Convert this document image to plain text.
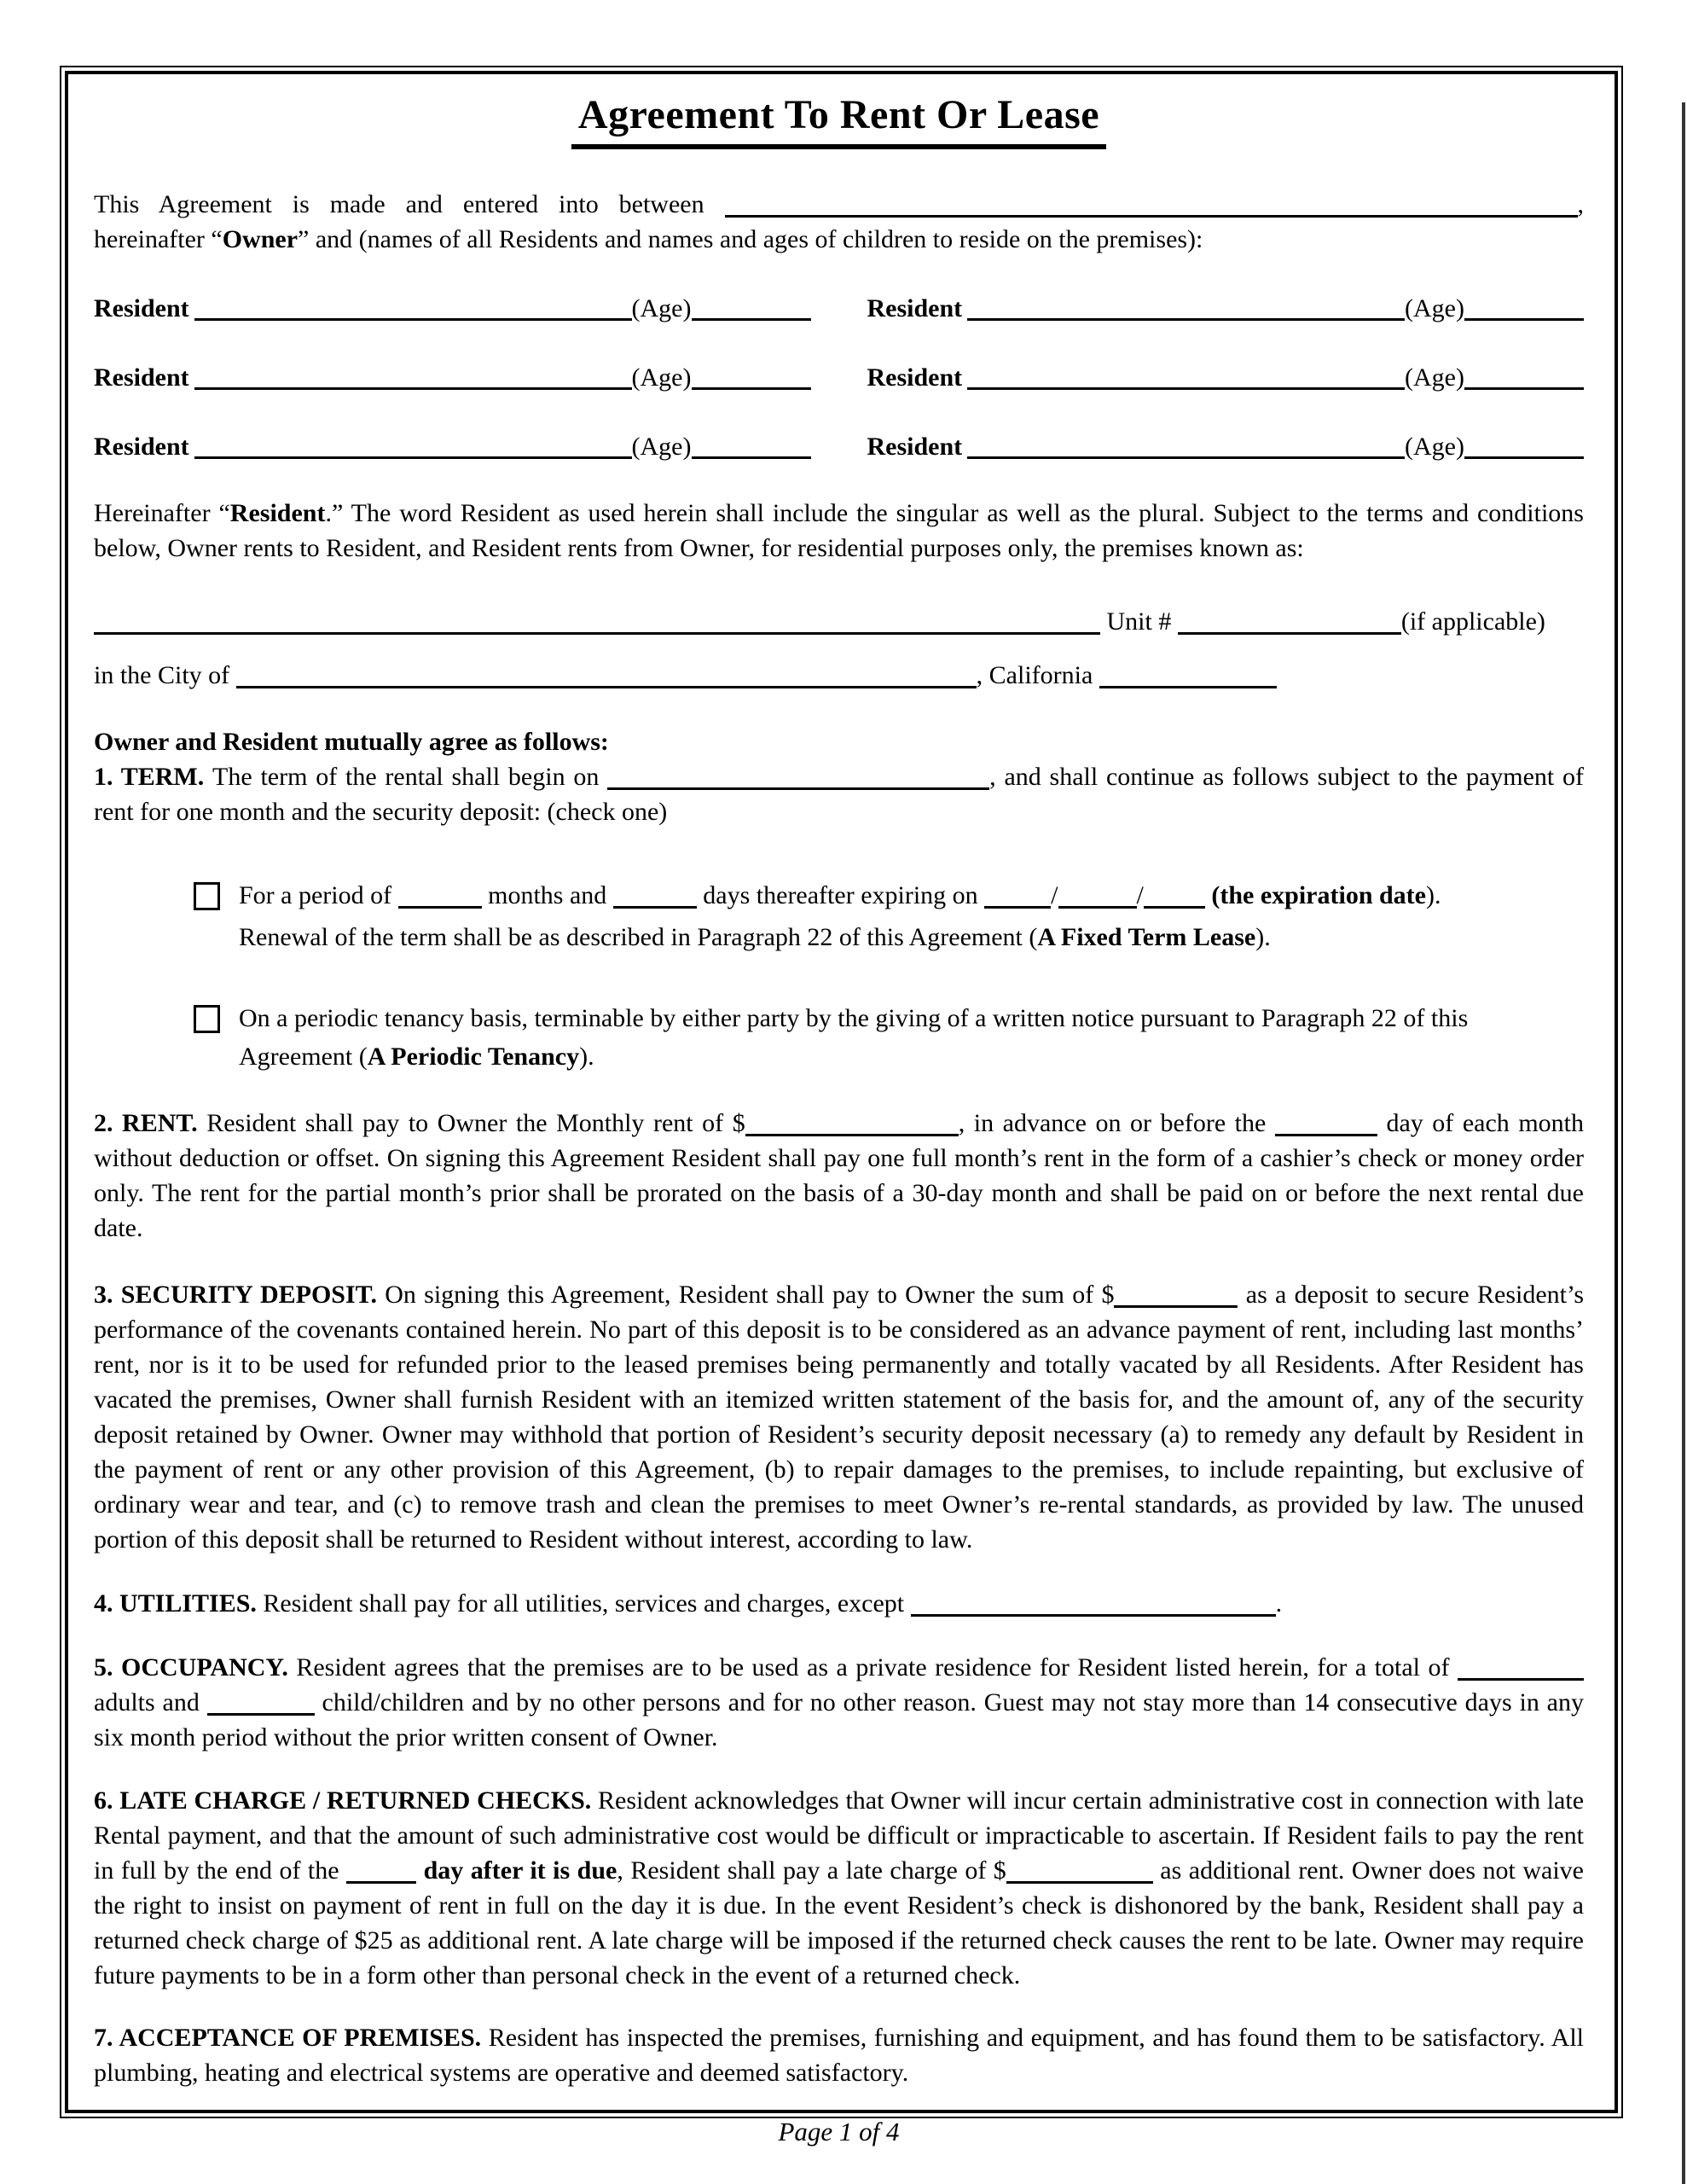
Agreement To Rent Or Lease

This Agreement is made and entered into between	, hereinafter “Owner” and (names of all Residents and names and ages of children to reside on the premises):

Resident	(Age)	Resident	(Age)
Resident	(Age)	Resident	(Age)
Resident	(Age)	Resident	(Age)

Hereinafter “Resident.” The word Resident as used herein shall include the singular as well as the plural. Subject to the terms and conditions below, Owner rents to Resident, and Resident rents from Owner, for residential purposes only, the premises known as:

Unit #	(if applicable)

in the City of	, California

Owner and Resident mutually agree as follows:

1. TERM. The term of the rental shall begin on	, and shall continue as follows subject to the payment of rent for one month and the security deposit: (check one)

For a period of	months and	days thereafter expiring on	/	/	(the expiration date).

Renewal of the term shall be as described in Paragraph 22 of this Agreement (A Fixed Term Lease).

On a periodic tenancy basis, terminable by either party by the giving of a written notice pursuant to Paragraph 22 of this Agreement (A Periodic Tenancy).

2. RENT. Resident shall pay to Owner the Monthly rent of $	, in advance on or before the	day of each month without deduction or offset. On signing this Agreement Resident shall pay one full month’s rent in the form of a cashier’s check or money order only. The rent for the partial month’s prior shall be prorated on the basis of a 30-day month and shall be paid on or before the next rental due date.

3. SECURITY DEPOSIT. On signing this Agreement, Resident shall pay to Owner the sum of $	as a deposit to secure Resident’s performance of the covenants contained herein. No part of this deposit is to be considered as an advance payment of rent, including last months’ rent, nor is it to be used for refunded prior to the leased premises being permanently and totally vacated by all Residents. After Resident has vacated the premises, Owner shall furnish Resident with an itemized written statement of the basis for, and the amount of, any of the security deposit retained by Owner. Owner may withhold that portion of Resident’s security deposit necessary (a) to remedy any default by Resident in the payment of rent or any other provision of this Agreement, (b) to repair damages to the premises, to include repainting, but exclusive of ordinary wear and tear, and (c) to remove trash and clean the premises to meet Owner’s re-rental standards, as provided by law. The unused portion of this deposit shall be returned to Resident without interest, according to law.

4. UTILITIES. Resident shall pay for all utilities, services and charges, except	.

5. OCCUPANCY. Resident agrees that the premises are to be used as a private residence for Resident listed herein, for a total of  adults and	child/children and by no other persons and for no other reason. Guest may not stay more than 14 consecutive days in any six month period without the prior written consent of Owner.

6. LATE CHARGE / RETURNED CHECKS. Resident acknowledges that Owner will incur certain administrative cost in connection with late Rental payment, and that the amount of such administrative cost would be difficult or impracticable to ascertain. If Resident fails to pay the rent in full by the end of the	day after it is due, Resident shall pay a late charge of $	as additional rent. Owner does not waive the right to insist on payment of rent in full on the day it is due. In the event Resident’s check is dishonored by the bank, Resident shall pay a returned check charge of $25 as additional rent. A late charge will be imposed if the returned check causes the rent to be late. Owner may require future payments to be in a form other than personal check in the event of a returned check.

7. ACCEPTANCE OF PREMISES. Resident has inspected the premises, furnishing and equipment, and has found them to be satisfactory. All plumbing, heating and electrical systems are operative and deemed satisfactory.

Page 1 of 4
